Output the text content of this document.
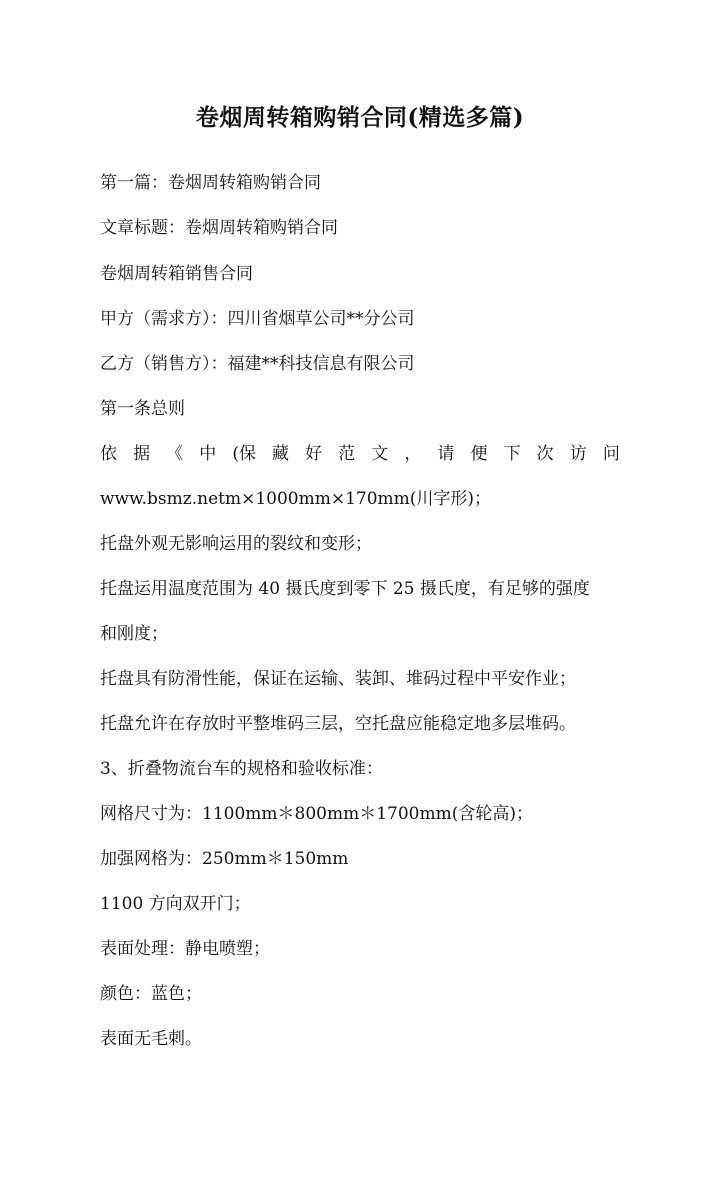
卷烟周转箱购销合同(精选多篇)
第一篇：卷烟周转箱购销合同
文章标题：卷烟周转箱购销合同
卷烟周转箱销售合同
甲方（需求方）：四川省烟草公司**分公司
乙方（销售方）：福建**科技信息有限公司
第一条总则
依 据 《 中 (保 藏 好 范 文 ， 请 便 下 次 访 问
www.bsmz.netm×1000mm×170mm(川字形)；
托盘外观无影响运用的裂纹和变形；
托盘运用温度范围为 40 摄氏度到零下 25 摄氏度，有足够的强度
和刚度；
托盘具有防滑性能，保证在运输、装卸、堆码过程中平安作业；
托盘允许在存放时平整堆码三层，空托盘应能稳定地多层堆码。
3、折叠物流台车的规格和验收标准：
网格尺寸为：1100mm＊800mm＊1700mm(含轮高)；
加强网格为：250mm＊150mm
1100 方向双开门；
表面处理：静电喷塑；
颜色：蓝色；
表面无毛刺。
